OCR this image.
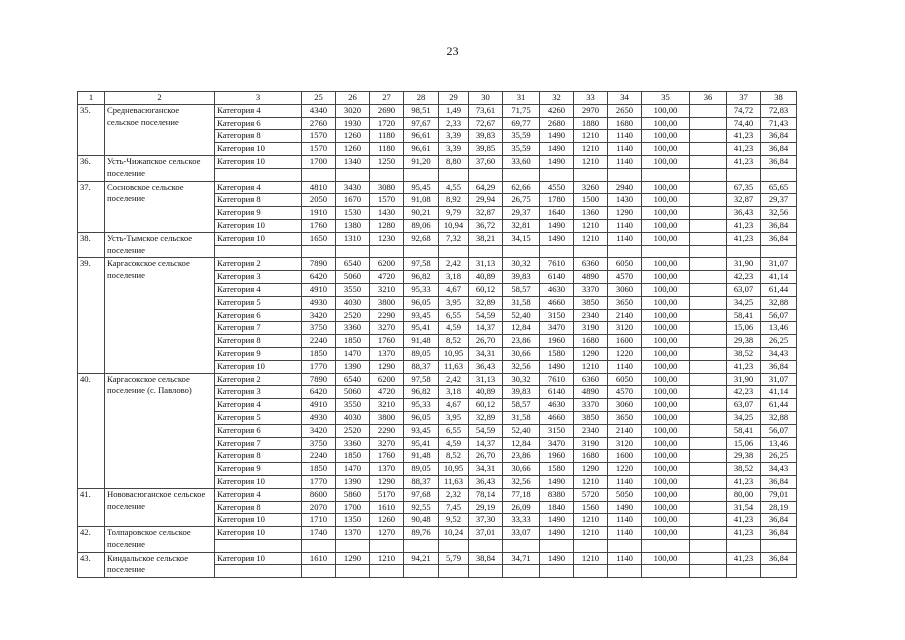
23
1	2	3	25	26	27	28	29	30	31	32	33	34	35	36	37	38
35.	Средневасюганское сельское поселение	Категория 4	4340	3020	2690	98,51	1,49	73,61	71,75	4260	2970	2650	100,00		74,72	72,83
		Категория 6	2760	1930	1720	97,67	2,33	72,67	69,77	2680	1880	1680	100,00		74,40	71,43
		Категория 8	1570	1260	1180	96,61	3,39	39,83	35,59	1490	1210	1140	100,00		41,23	36,84
		Категория 10	1570	1260	1180	96,61	3,39	39,85	35,59	1490	1210	1140	100,00		41,23	36,84
36.	Усть-Чижапское сельское поселение	Категория 10	1700	1340	1250	91,20	8,80	37,60	33,60	1490	1210	1140	100,00		41,23	36,84

37.	Сосновское сельское поселение	Категория 4	4810	3430	3080	95,45	4,55	64,29	62,66	4550	3260	2940	100,00		67,35	65,65
		Категория 8	2050	1670	1570	91,08	8,92	29,94	26,75	1780	1500	1430	100,00		32,87	29,37
		Категория 9	1910	1530	1430	90,21	9,79	32,87	29,37	1640	1360	1290	100,00		36,43	32,56
		Категория 10	1760	1380	1280	89,06	10,94	36,72	32,81	1490	1210	1140	100,00		41,23	36,84
38.	Усть-Тымское сельское поселение	Категория 10	1650	1310	1230	92,68	7,32	38,21	34,15	1490	1210	1140	100,00		41,23	36,84

39.	Каргасокское сельское поселение	Категория 2	7890	6540	6200	97,58	2,42	31,13	30,32	7610	6360	6050	100,00		31,90	31,07
		Категория 3	6420	5060	4720	96,82	3,18	40,89	39,83	6140	4890	4570	100,00		42,23	41,14
		Категория 4	4910	3550	3210	95,33	4,67	60,12	58,57	4630	3370	3060	100,00		63,07	61,44
		Категория 5	4930	4030	3800	96,05	3,95	32,89	31,58	4660	3850	3650	100,00		34,25	32,88
		Категория 6	3420	2520	2290	93,45	6,55	54,59	52,40	3150	2340	2140	100,00		58,41	56,07
		Категория 7	3750	3360	3270	95,41	4,59	14,37	12,84	3470	3190	3120	100,00		15,06	13,46
		Категория 8	2240	1850	1760	91,48	8,52	26,70	23,86	1960	1680	1600	100,00		29,38	26,25
		Категория 9	1850	1470	1370	89,05	10,95	34,31	30,66	1580	1290	1220	100,00		38,52	34,43
		Категория 10	1770	1390	1290	88,37	11,63	36,43	32,56	1490	1210	1140	100,00		41,23	36,84
40.	Каргасокское сельское поселение (с. Павлово)	Категория 2	7890	6540	6200	97,58	2,42	31,13	30,32	7610	6360	6050	100,00		31,90	31,07
		Категория 3	6420	5060	4720	96,82	3,18	40,89	39,83	6140	4890	4570	100,00		42,23	41,14
		Категория 4	4910	3550	3210	95,33	4,67	60,12	58,57	4630	3370	3060	100,00		63,07	61,44
		Категория 5	4930	4030	3800	96,05	3,95	32,89	31,58	4660	3850	3650	100,00		34,25	32,88
		Категория 6	3420	2520	2290	93,45	6,55	54,59	52,40	3150	2340	2140	100,00		58,41	56,07
		Категория 7	3750	3360	3270	95,41	4,59	14,37	12,84	3470	3190	3120	100,00		15,06	13,46
		Категория 8	2240	1850	1760	91,48	8,52	26,70	23,86	1960	1680	1600	100,00		29,38	26,25
		Категория 9	1850	1470	1370	89,05	10,95	34,31	30,66	1580	1290	1220	100,00		38,52	34,43
		Категория 10	1770	1390	1290	88,37	11,63	36,43	32,56	1490	1210	1140	100,00		41,23	36,84
41.	Нововасюганское сельское поселение	Категория 4	8600	5860	5170	97,68	2,32	78,14	77,18	8380	5720	5050	100,00		80,00	79,01
		Категория 8	2070	1700	1610	92,55	7,45	29,19	26,09	1840	1560	1490	100,00		31,54	28,19
		Категория 10	1710	1350	1260	90,48	9,52	37,30	33,33	1490	1210	1140	100,00		41,23	36,84
42.	Толпаровское сельское поселение	Категория 10	1740	1370	1270	89,76	10,24	37,01	33,07	1490	1210	1140	100,00		41,23	36,84

43.	Киндальское сельское поселение	Категория 10	1610	1290	1210	94,21	5,79	38,84	34,71	1490	1210	1140	100,00		41,23	36,84
